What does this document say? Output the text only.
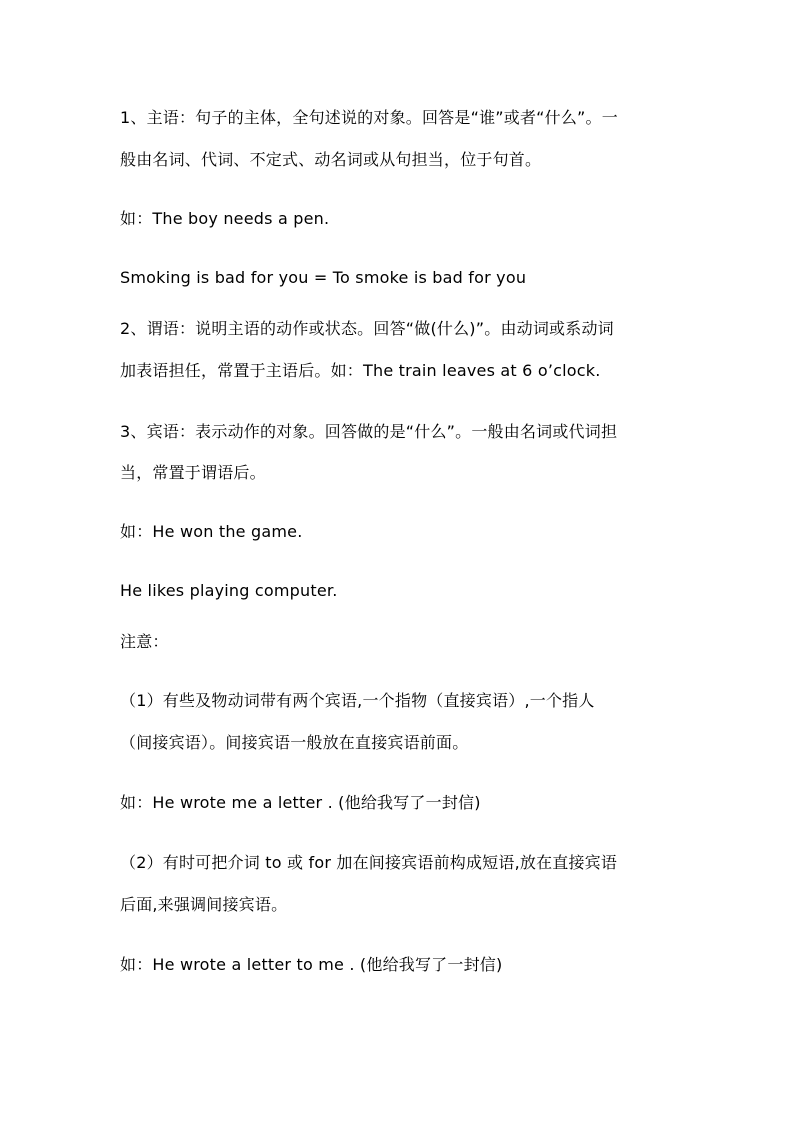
1、主语：句子的主体，全句述说的对象。回答是“谁”或者“什么”。一
般由名词、代词、不定式、动名词或从句担当，位于句首。
如：The boy needs a pen.
Smoking is bad for you = To smoke is bad for you
2、谓语：说明主语的动作或状态。回答“做(什么)”。由动词或系动词
加表语担任，常置于主语后。如：The train leaves at 6 o’clock.
3、宾语：表示动作的对象。回答做的是“什么”。一般由名词或代词担
当，常置于谓语后。
如：He won the game.
He likes playing computer.
注意：
（1）有些及物动词带有两个宾语,一个指物（直接宾语）,一个指人
（间接宾语）。间接宾语一般放在直接宾语前面。
如：He wrote me a letter . (他给我写了一封信)
（2）有时可把介词 to 或 for 加在间接宾语前构成短语,放在直接宾语
后面,来强调间接宾语。
如：He wrote a letter to me . (他给我写了一封信)
